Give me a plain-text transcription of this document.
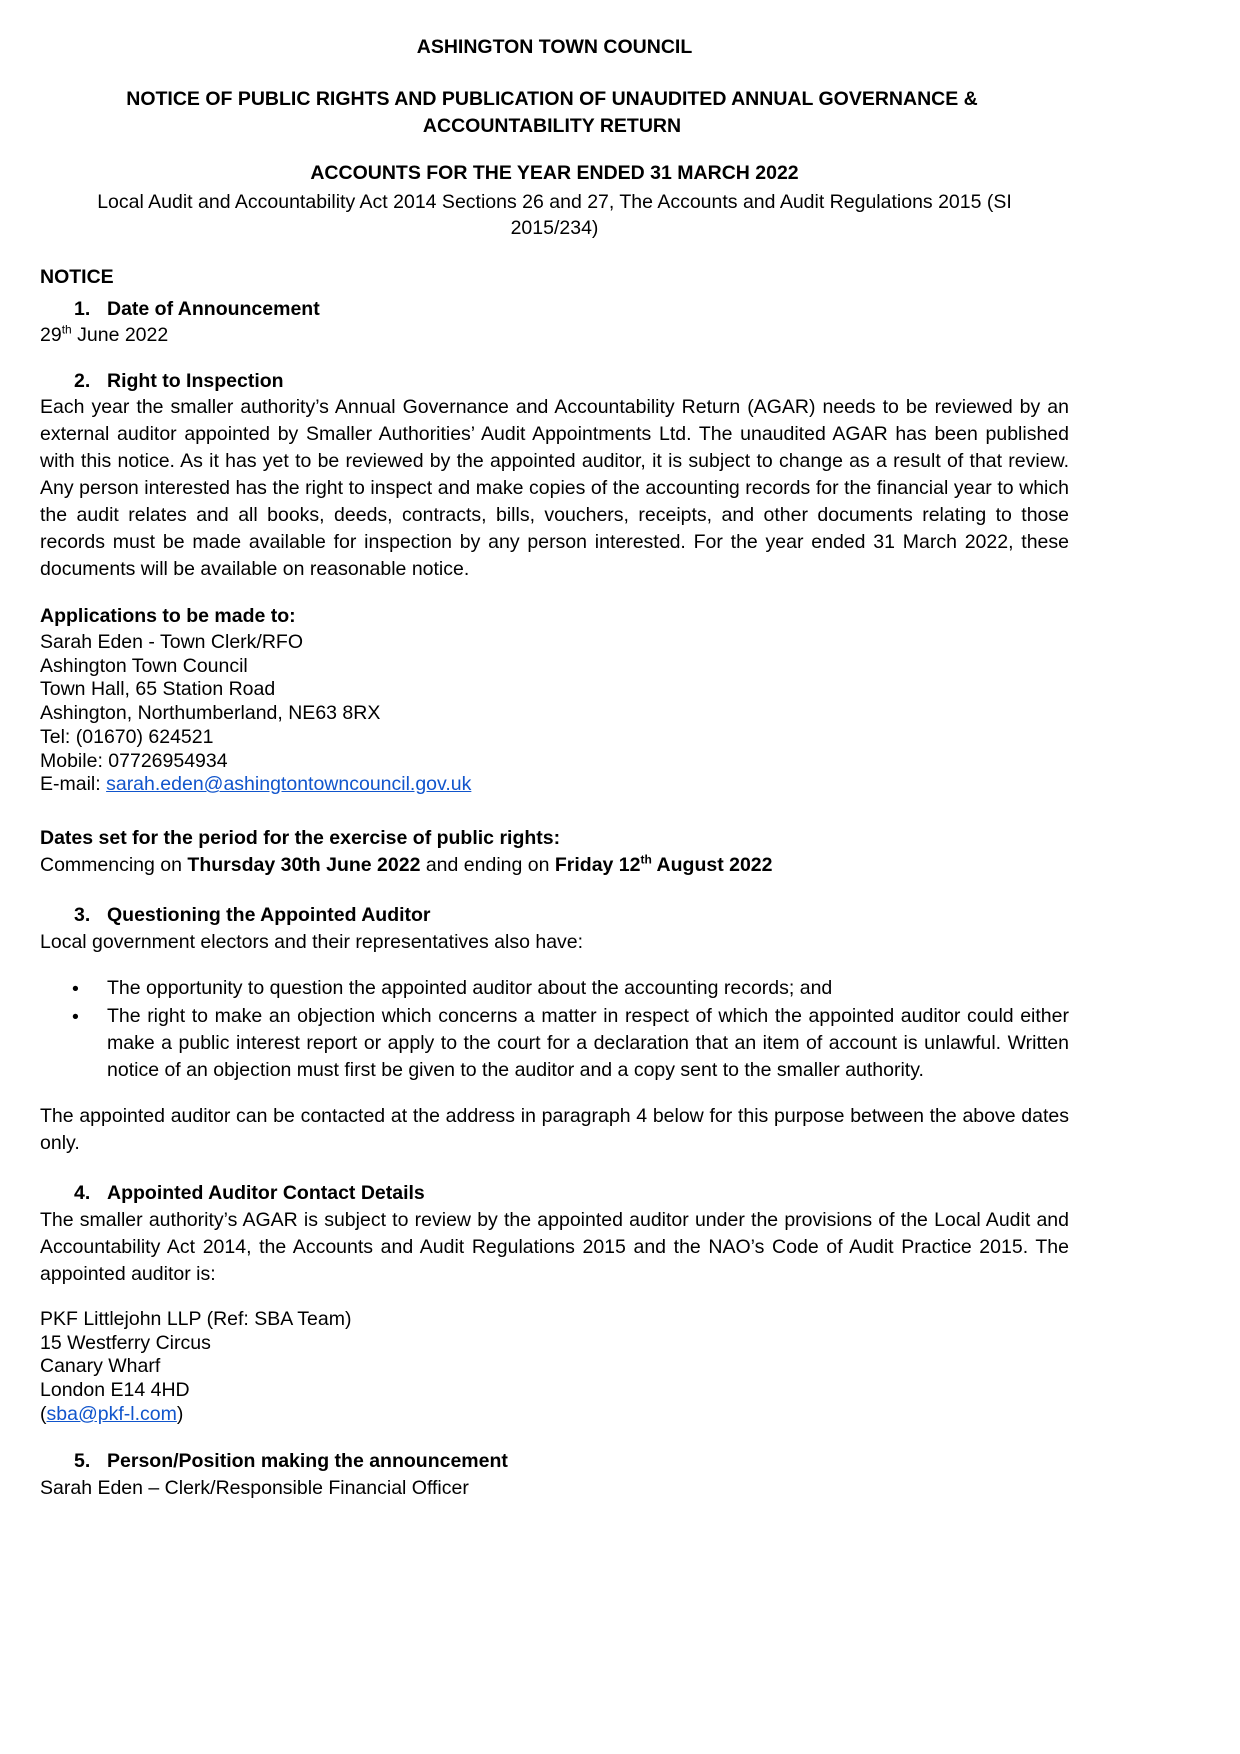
ASHINGTON TOWN COUNCIL
NOTICE OF PUBLIC RIGHTS AND PUBLICATION OF UNAUDITED ANNUAL GOVERNANCE & ACCOUNTABILITY RETURN
ACCOUNTS FOR THE YEAR ENDED 31 MARCH 2022
Local Audit and Accountability Act 2014 Sections 26 and 27, The Accounts and Audit Regulations 2015 (SI 2015/234)
NOTICE
1. Date of Announcement
29th June 2022
2. Right to Inspection
Each year the smaller authority’s Annual Governance and Accountability Return (AGAR) needs to be reviewed by an external auditor appointed by Smaller Authorities’ Audit Appointments Ltd. The unaudited AGAR has been published with this notice. As it has yet to be reviewed by the appointed auditor, it is subject to change as a result of that review. Any person interested has the right to inspect and make copies of the accounting records for the financial year to which the audit relates and all books, deeds, contracts, bills, vouchers, receipts, and other documents relating to those records must be made available for inspection by any person interested. For the year ended 31 March 2022, these documents will be available on reasonable notice.
Applications to be made to:
Sarah Eden - Town Clerk/RFO
Ashington Town Council
Town Hall, 65 Station Road
Ashington, Northumberland, NE63 8RX
Tel: (01670) 624521
Mobile: 07726954934
E-mail: sarah.eden@ashingtontowncouncil.gov.uk
Dates set for the period for the exercise of public rights:
Commencing on Thursday 30th June 2022 and ending on Friday 12th August 2022
3. Questioning the Appointed Auditor
Local government electors and their representatives also have:
• The opportunity to question the appointed auditor about the accounting records; and
• The right to make an objection which concerns a matter in respect of which the appointed auditor could either make a public interest report or apply to the court for a declaration that an item of account is unlawful. Written notice of an objection must first be given to the auditor and a copy sent to the smaller authority.
The appointed auditor can be contacted at the address in paragraph 4 below for this purpose between the above dates only.
4. Appointed Auditor Contact Details
The smaller authority’s AGAR is subject to review by the appointed auditor under the provisions of the Local Audit and Accountability Act 2014, the Accounts and Audit Regulations 2015 and the NAO’s Code of Audit Practice 2015. The appointed auditor is:
PKF Littlejohn LLP (Ref: SBA Team)
15 Westferry Circus
Canary Wharf
London E14 4HD
(sba@pkf-l.com)
5. Person/Position making the announcement
Sarah Eden – Clerk/Responsible Financial Officer
